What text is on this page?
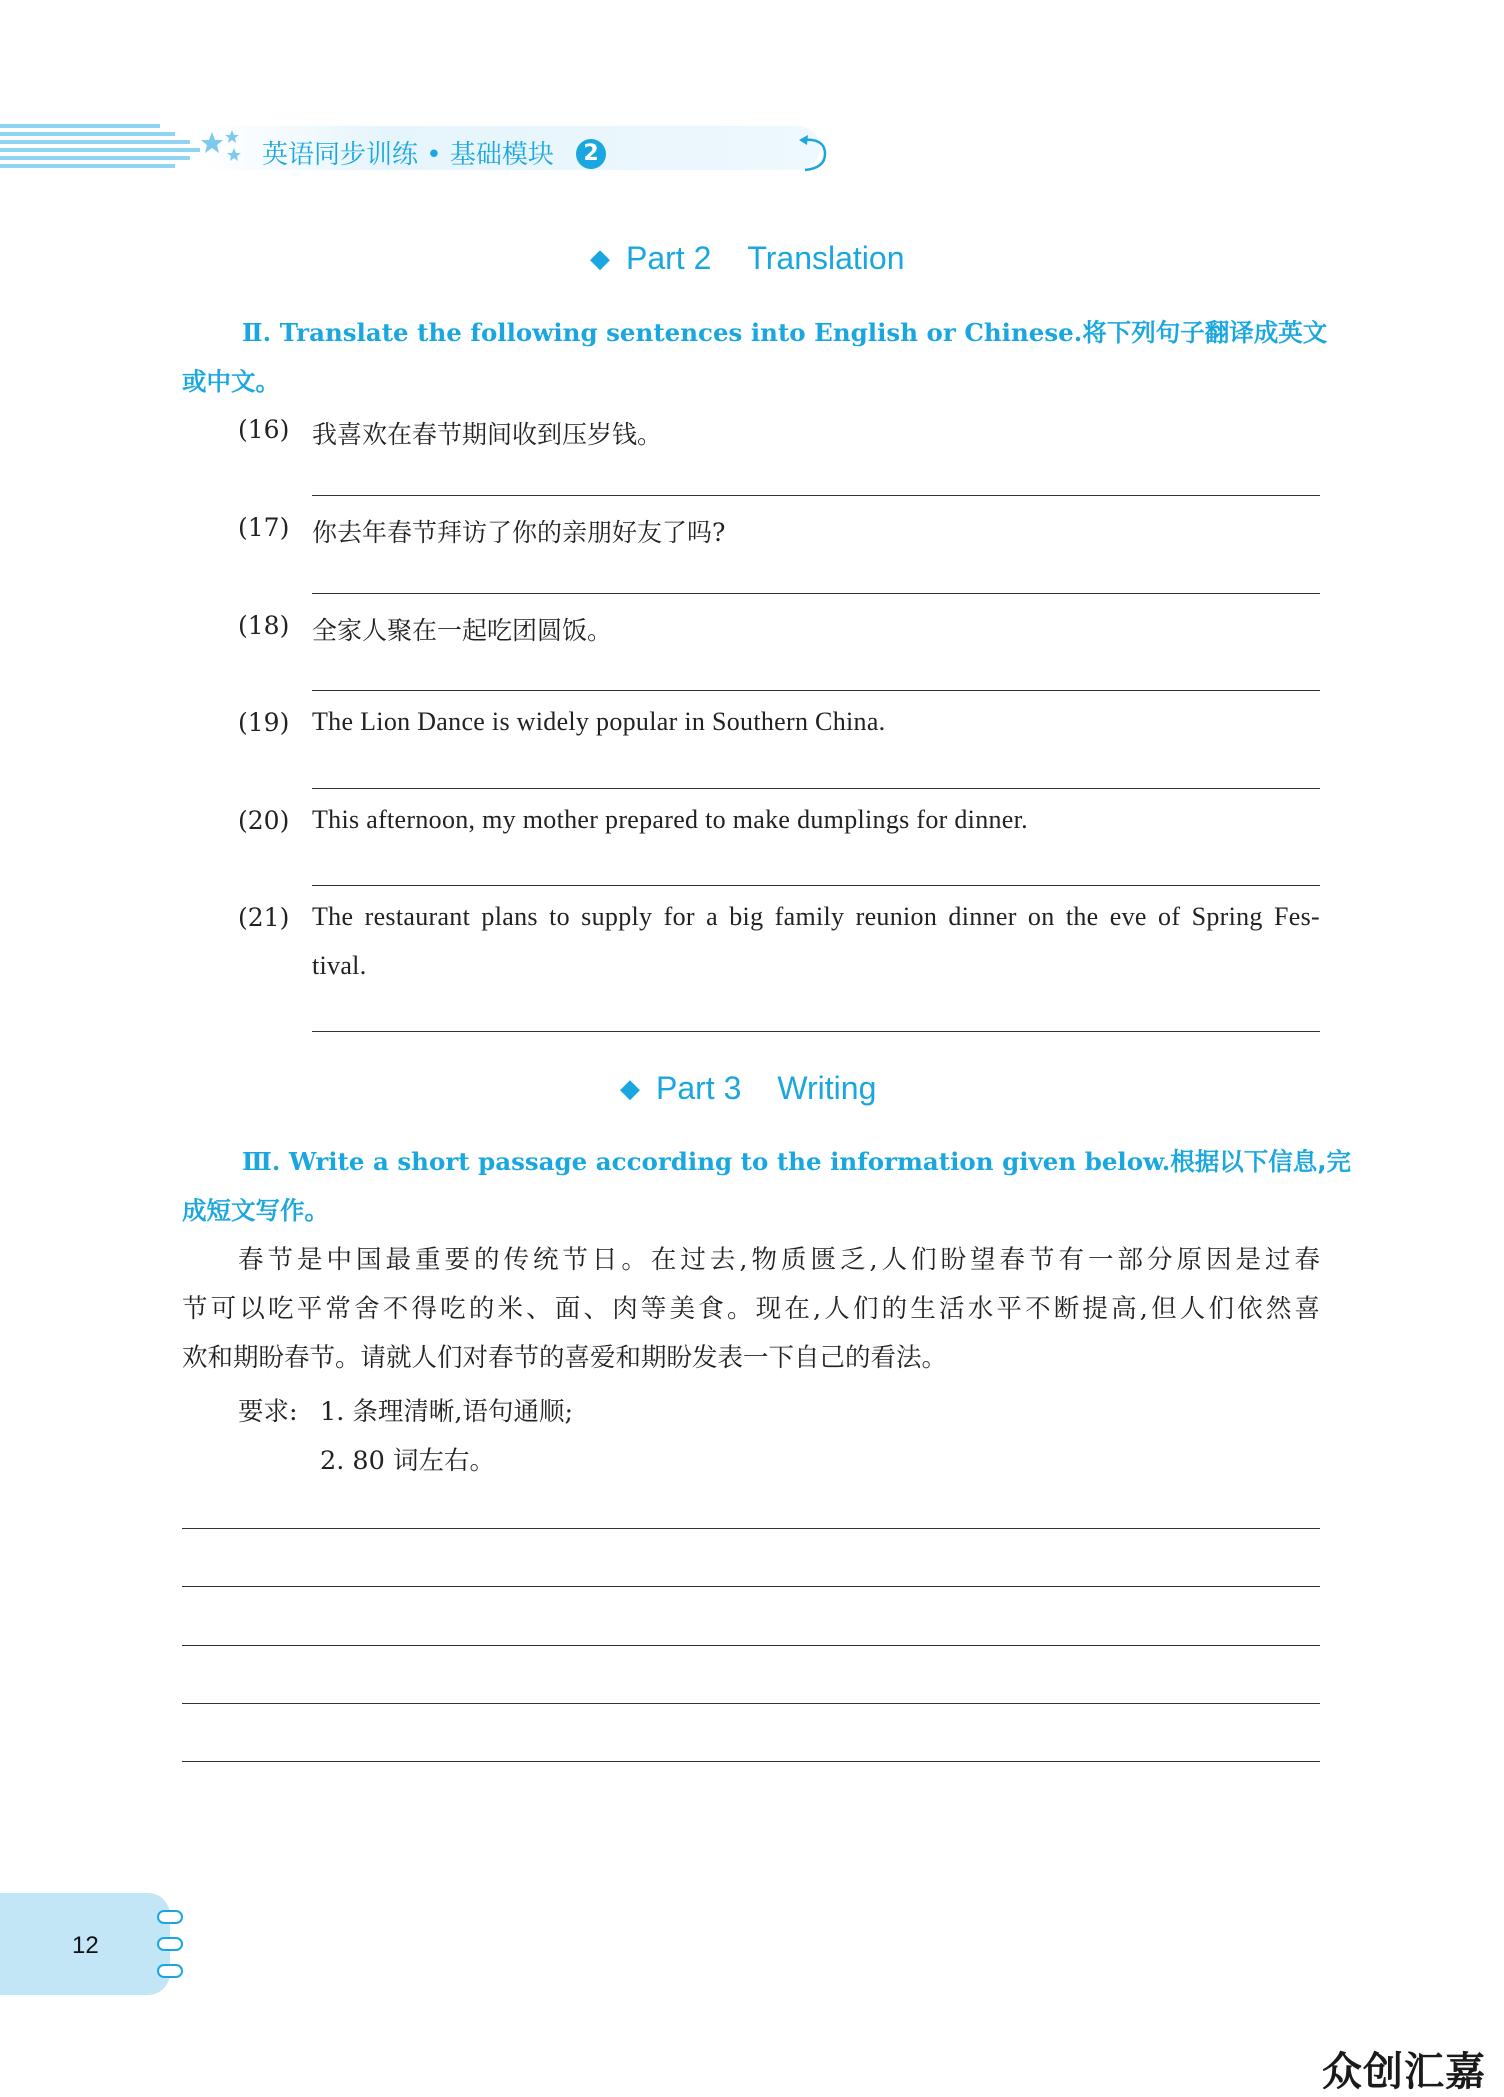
英语同步训练 • 基础模块	2
◆ Part 2 Translation
Ⅱ. Translate the following sentences into English or Chinese. 将下列句子翻译成英文
或中文。
(16) 我喜欢在春节期间收到压岁钱。
(17) 你去年春节拜访了你的亲朋好友了吗?
(18) 全家人聚在一起吃团圆饭。
(19) The Lion Dance is widely popular in Southern China.
(20) This afternoon, my mother prepared to make dumplings for dinner.
(21) The restaurant plans to supply for a big family reunion dinner on the eve of Spring Fes-
tival.
◆ Part 3 Writing
Ⅲ. Write a short passage according to the information given below. 根据以下信息,完
成短文写作。
春节是中国最重要的传统节日。在过去,物质匮乏,人们盼望春节有一部分原因是过春
节可以吃平常舍不得吃的米、面、肉等美食。现在,人们的生活水平不断提高,但人们依然喜
欢和期盼春节。请就人们对春节的喜爱和期盼发表一下自己的看法。
要求: 1. 条理清晰,语句通顺;
2. 80 词左右。
12
众创汇嘉
